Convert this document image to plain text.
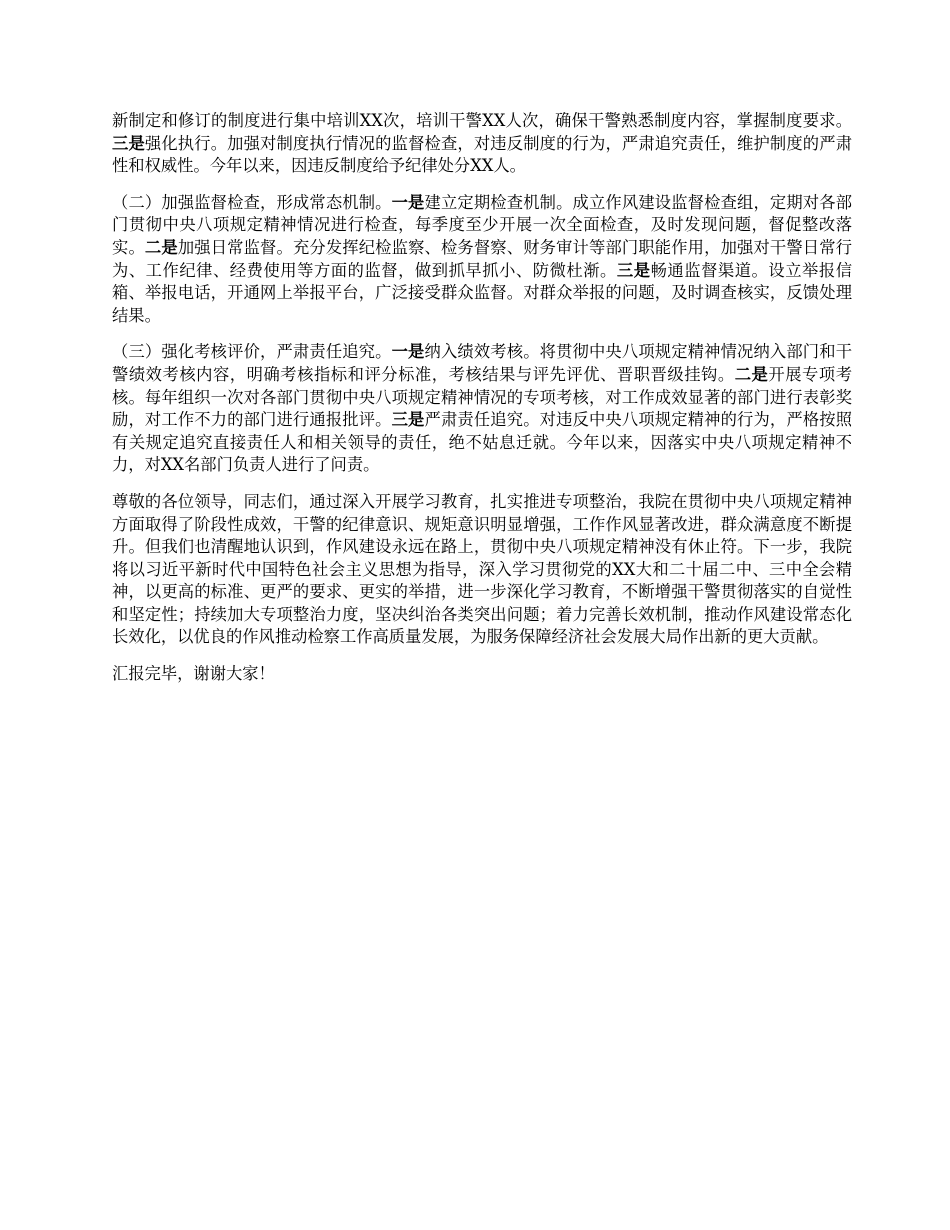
新制定和修订的制度进行集中培训XX次，培训干警XX人次，确保干警熟悉制度内容，掌握制度要求。三是强化执行。加强对制度执行情况的监督检查，对违反制度的行为，严肃追究责任，维护制度的严肃性和权威性。今年以来，因违反制度给予纪律处分XX人。

（二）加强监督检查，形成常态机制。一是建立定期检查机制。成立作风建设监督检查组，定期对各部门贯彻中央八项规定精神情况进行检查，每季度至少开展一次全面检查，及时发现问题，督促整改落实。二是加强日常监督。充分发挥纪检监察、检务督察、财务审计等部门职能作用，加强对干警日常行为、工作纪律、经费使用等方面的监督，做到抓早抓小、防微杜渐。三是畅通监督渠道。设立举报信箱、举报电话，开通网上举报平台，广泛接受群众监督。对群众举报的问题，及时调查核实，反馈处理结果。

（三）强化考核评价，严肃责任追究。一是纳入绩效考核。将贯彻中央八项规定精神情况纳入部门和干警绩效考核内容，明确考核指标和评分标准，考核结果与评先评优、晋职晋级挂钩。二是开展专项考核。每年组织一次对各部门贯彻中央八项规定精神情况的专项考核，对工作成效显著的部门进行表彰奖励，对工作不力的部门进行通报批评。三是严肃责任追究。对违反中央八项规定精神的行为，严格按照有关规定追究直接责任人和相关领导的责任，绝不姑息迁就。今年以来，因落实中央八项规定精神不力，对XX名部门负责人进行了问责。

尊敬的各位领导，同志们，通过深入开展学习教育，扎实推进专项整治，我院在贯彻中央八项规定精神方面取得了阶段性成效，干警的纪律意识、规矩意识明显增强，工作作风显著改进，群众满意度不断提升。但我们也清醒地认识到，作风建设永远在路上，贯彻中央八项规定精神没有休止符。下一步，我院将以习近平新时代中国特色社会主义思想为指导，深入学习贯彻党的XX大和二十届二中、三中全会精神，以更高的标准、更严的要求、更实的举措，进一步深化学习教育，不断增强干警贯彻落实的自觉性和坚定性；持续加大专项整治力度，坚决纠治各类突出问题；着力完善长效机制，推动作风建设常态化长效化，以优良的作风推动检察工作高质量发展，为服务保障经济社会发展大局作出新的更大贡献。

汇报完毕，谢谢大家！
